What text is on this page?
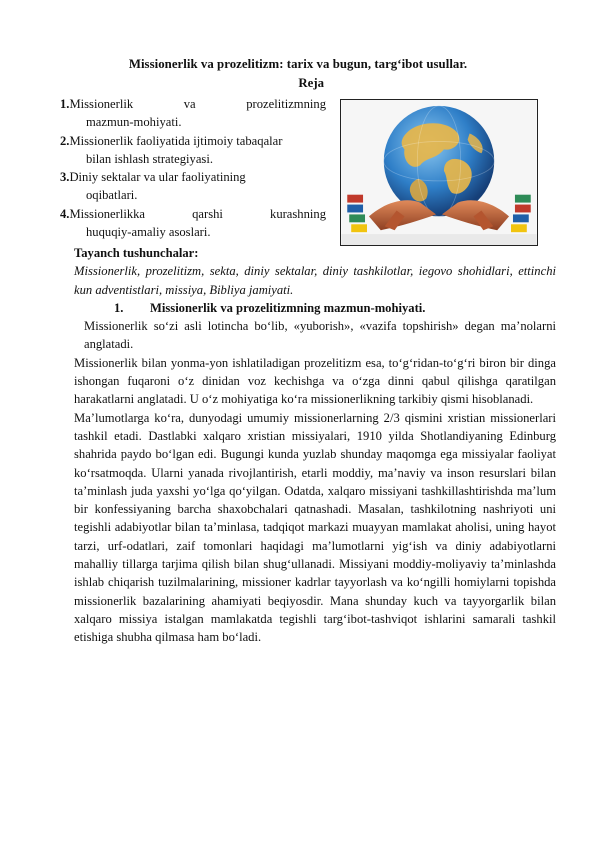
Missionerlik va prozelitizm: tarix va bugun, targ‘ibot usullar.
Reja
1.Missionerlik va prozelitizmning
mazmun-mohiyati.
2.Missionerlik faoliyatida ijtimoiy tabaqalar
bilan ishlash strategiyasi.
3.Diniy sektalar va ular faoliyatining
oqibatlari.
4.Missionerlikka qarshi kurashning
huquqiy-amaliy asoslari.

Tayanch tushunchalar:

Missionerlik, prozelitizm, sekta, diniy sektalar, diniy tashkilotlar, iegovo shohidlari, ettinchi kun adventistlari, missiya, Bibliya jamiyati.

1. Missionerlik va prozelitizmning mazmun-mohiyati.

Missionerlik so‘zi asli lotincha bo‘lib, «yuborish», «vazifa topshirish» degan ma’nolarni anglatadi.

Missionerlik bilan yonma-yon ishlatiladigan prozelitizm esa, to‘g‘ridan-to‘g‘ri biron bir dinga ishongan fuqaroni o‘z dinidan voz kechishga va o‘zga dinni qabul qilishga qaratilgan harakatlarni anglatadi. U o‘z mohiyatiga ko‘ra missionerlikning tarkibiy qismi hisoblanadi.

Ma’lumotlarga ko‘ra, dunyodagi umumiy missionerlarning 2/3 qismini xristian missionerlari tashkil etadi. Dastlabki xalqaro xristian missiyalari, 1910 yilda Shotlandiyaning Edinburg shahrida paydo bo‘lgan edi. Bugungi kunda yuzlab shunday maqomga ega missiyalar faoliyat ko‘rsatmoqda. Ularni yanada rivojlantirish, etarli moddiy, ma’naviy va inson resurslari bilan ta’minlash juda yaxshi yo‘lga qo‘yilgan. Odatda, xalqaro missiyani tashkillashtirishda ma’lum bir konfessiyaning barcha shaxobchalari qatnashadi. Masalan, tashkilotning nashriyoti uni tegishli adabiyotlar bilan ta’minlasa, tadqiqot markazi muayyan mamlakat aholisi, uning hayot tarzi, urf-odatlari, zaif tomonlari haqidagi ma’lumotlarni yig‘ish va diniy adabiyotlarni mahalliy tillarga tarjima qilish bilan shug‘ullanadi. Missiyani moddiy-moliyaviy ta’minlashda ishlab chiqarish tuzilmalarining, missioner kadrlar tayyorlash va ko‘ngilli homiylarni topishda missionerlik bazalarining ahamiyati beqiyosdir. Mana shunday kuch va tayyorgarlik bilan xalqaro missiya istalgan mamlakatda tegishli targ‘ibot-tashviqot ishlarini samarali tashkil etishiga shubha qilmasa ham bo‘ladi.
